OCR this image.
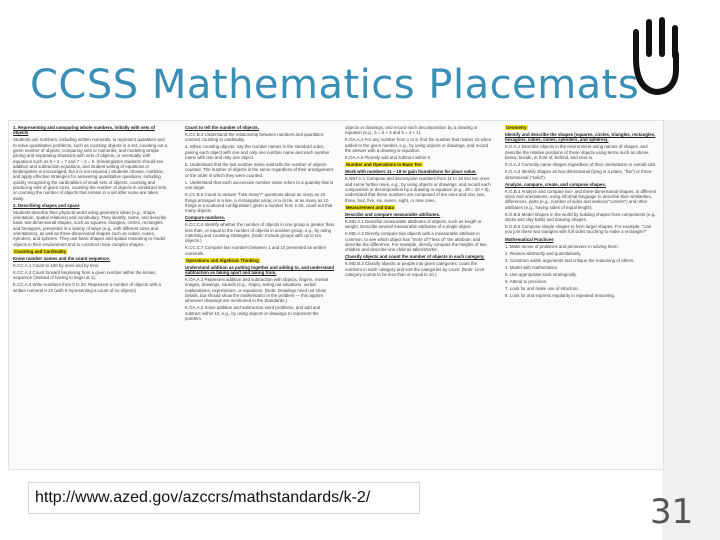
CCSS Mathematics Placemats

1. Representing and comparing whole numbers, initially with sets of objects

Students use numbers, including written numerals, to represent quantities and to solve quantitative problems, such as counting objects in a set; counting out a given number of objects; comparing sets or numerals; and modeling simple joining and separating situations with sets of objects, or eventually with equations such as 5 + 2 = 7 and 7 − 2 = 5. (Kindergarten students should see addition and subtraction equations, and student writing of equations in kindergarten is encouraged, but it is not required.) Students choose, combine, and apply effective strategies for answering quantitative questions, including quickly recognizing the cardinalities of small sets of objects, counting and producing sets of given sizes, counting the number of objects in combined sets, or counting the number of objects that remain in a set after some are taken away.

2. Describing shapes and space

Students describe their physical world using geometric ideas (e.g., shape, orientation, spatial relations) and vocabulary. They identify, name, and describe basic two-dimensional shapes, such as squares, triangles, circles, rectangles, and hexagons, presented in a variety of ways (e.g., with different sizes and orientations), as well as three-dimensional shapes such as cubes, cones, cylinders, and spheres. They use basic shapes and spatial reasoning to model objects in their environment and to construct more complex shapes.

Counting and Cardinality

Know number names and the count sequence.

K.CC.A.1 Count to 100 by ones and by tens.

K.CC.A.2 Count forward beginning from a given number within the known sequence (instead of having to begin at 1).

K.CC.A.3 Write numbers from 0 to 20. Represent a number of objects with a written numeral 0-20 (with 0 representing a count of no objects).

Count to tell the number of objects.

K.CC.B.4 Understand the relationship between numbers and quantities; connect counting to cardinality.

a. When counting objects, say the number names in the standard order, pairing each object with one and only one number name and each number name with one and only one object.

b. Understand that the last number name said tells the number of objects counted. The number of objects is the same regardless of their arrangement or the order in which they were counted.

c. Understand that each successive number name refers to a quantity that is one larger.

K.CC.B.5 Count to answer "how many?" questions about as many as 20 things arranged in a line, a rectangular array, or a circle, or as many as 10 things in a scattered configuration; given a number from 1-20, count out that many objects.

Compare numbers.

K.CC.C.6 Identify whether the number of objects in one group is greater than, less than, or equal to the number of objects in another group, e.g., by using matching and counting strategies. (Note: Include groups with up to ten objects.)

K.CC.C.7 Compare two numbers between 1 and 10 presented as written numerals.

Operations and Algebraic Thinking

Understand addition as putting together and adding to, and understand subtraction as taking apart and taking from.

K.OA.A.1 Represent addition and subtraction with objects, fingers, mental images, drawings, sounds (e.g., claps), acting out situations, verbal explanations, expressions, or equations. (Note: Drawings need not show details, but should show the mathematics in the problem — this applies wherever drawings are mentioned in the Standards.)

K.OA.A.2 Solve addition and subtraction word problems, and add and subtract within 10, e.g., by using objects or drawings to represent the problem.

objects or drawings, and record each decomposition by a drawing or equation (e.g., 5 = 2 + 3 and 5 = 4 + 1).

K.OA.A.4 For any number from 1 to 9, find the number that makes 10 when added to the given number, e.g., by using objects or drawings, and record the answer with a drawing or equation.

K.OA.A.5 Fluently add and subtract within 5.

Number and Operations in Base Ten

Work with numbers 11 – 19 to gain foundations for place value.

K.NBT.A.1 Compose and decompose numbers from 11 to 19 into ten ones and some further ones, e.g., by using objects or drawings, and record each composition or decomposition by a drawing or equation (e.g., 18 = 10 + 8); understand that these numbers are composed of ten ones and one, two, three, four, five, six, seven, eight, or nine ones.

Measurement and Data

Describe and compare measurable attributes.

K.MD.A.1 Describe measurable attributes of objects, such as length or weight. Describe several measurable attributes of a single object.

K.MD.A.2 Directly compare two objects with a measurable attribute in common, to see which object has "more of"/"less of" the attribute, and describe the difference. For example, directly compare the heights of two children and describe one child as taller/shorter.

Classify objects and count the number of objects in each category.

K.MD.B.3 Classify objects or people into given categories; count the numbers in each category and sort the categories by count. (Note: Limit category counts to be less than or equal to 10.)

Geometry

Identify and describe the shapes (squares, circles, triangles, rectangles, hexagons, cubes, cones, cylinders, and spheres).

K.G.A.1 Describe objects in the environment using names of shapes, and describe the relative positions of these objects using terms such as above, below, beside, in front of, behind, and next to.

K.G.A.2 Correctly name shapes regardless of their orientations or overall size.

K.G.A.3 Identify shapes as two-dimensional (lying in a plane, "flat") or three-dimensional ("solid").

Analyze, compare, create, and compose shapes.

K.G.B.4 Analyze and compare two- and three-dimensional shapes, in different sizes and orientations, using informal language to describe their similarities, differences, parts (e.g., number of sides and vertices/"corners") and other attributes (e.g., having sides of equal length).

K.G.B.5 Model shapes in the world by building shapes from components (e.g., sticks and clay balls) and drawing shapes.

K.G.B.6 Compose simple shapes to form larger shapes. For example, "Can you join these two triangles with full sides touching to make a rectangle?"

Mathematical Practices

1. Make sense of problems and persevere in solving them.

2. Reason abstractly and quantitatively.

3. Construct viable arguments and critique the reasoning of others.

4. Model with mathematics.

5. Use appropriate tools strategically.

6. Attend to precision.

7. Look for and make use of structure.

8. Look for and express regularity in repeated reasoning.

http://www.azed.gov/azccrs/mathstandards/k-2/	31
